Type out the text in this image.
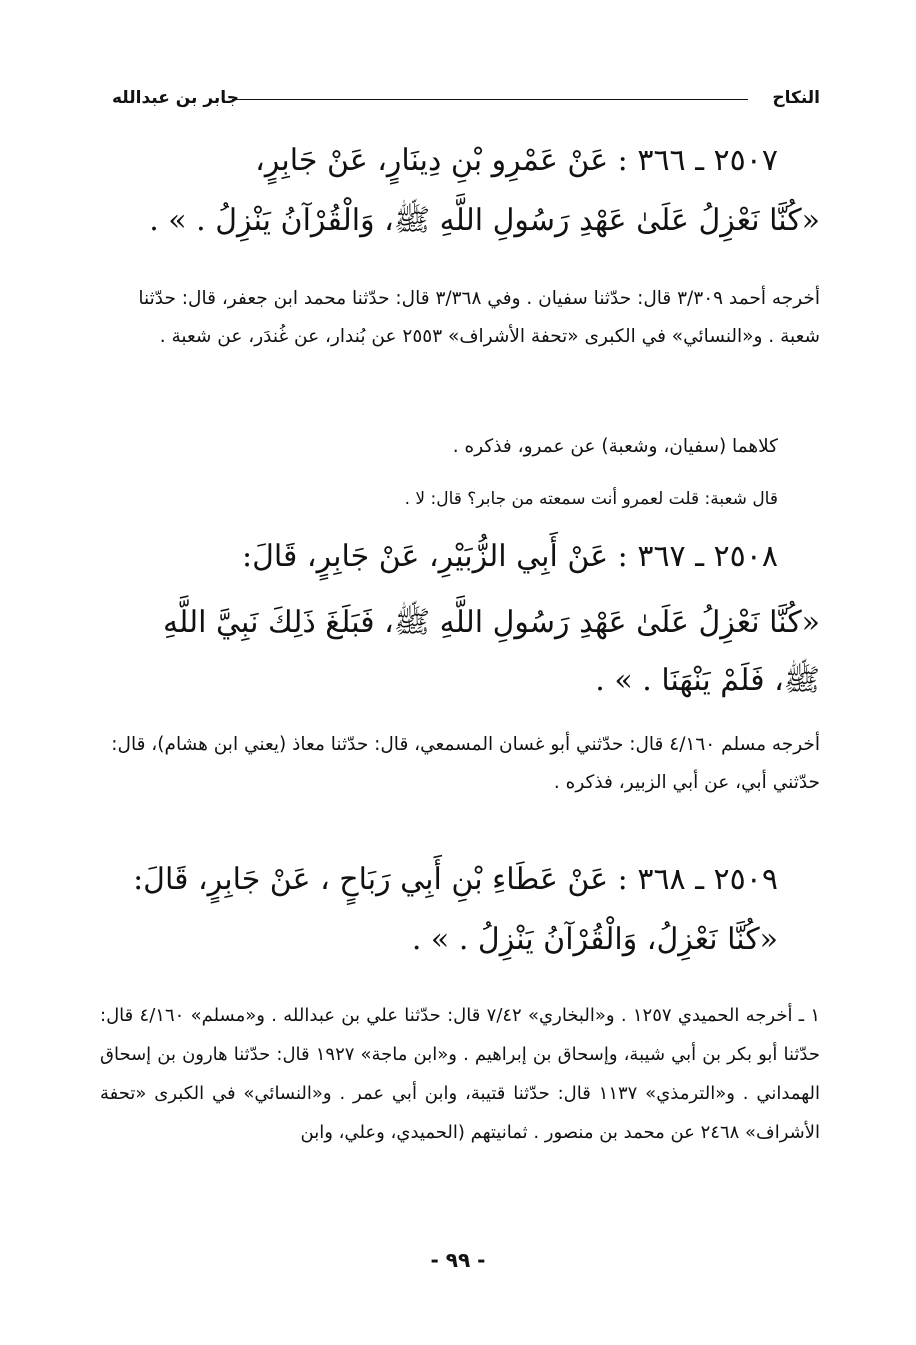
النكاح
جابر بن عبدالله
٢٥٠٧ ـ ٣٦٦ : عَنْ عَمْرِو بْنِ دِينَارٍ، عَنْ جَابِرٍ،
«كُنَّا نَعْزِلُ عَلَىٰ عَهْدِ رَسُولِ اللَّهِ ﷺ، وَالْقُرْآنُ يَنْزِلُ . » .
أخرجه أحمد ٣/٣٠٩ قال: حدّثنا سفيان . وفي ٣/٣٦٨ قال: حدّثنا محمد ابن جعفر، قال: حدّثنا شعبة . و«النسائي» في الكبرى «تحفة الأشراف» ٢٥٥٣ عن بُندار، عن غُندَر، عن شعبة .
كلاهما (سفيان، وشعبة) عن عمرو، فذكره .
قال شعبة: قلت لعمرو أنت سمعته من جابر؟ قال: لا .
٢٥٠٨ ـ ٣٦٧ : عَنْ أَبِي الزُّبَيْرِ، عَنْ جَابِرٍ، قَالَ:
«كُنَّا نَعْزِلُ عَلَىٰ عَهْدِ رَسُولِ اللَّهِ ﷺ، فَبَلَغَ ذَلِكَ نَبِيَّ اللَّهِ
ﷺ، فَلَمْ يَنْهَنَا . » .
أخرجه مسلم ٤/١٦٠ قال: حدّثني أبو غسان المسمعي، قال: حدّثنا معاذ (يعني ابن هشام)، قال: حدّثني أبي، عن أبي الزبير، فذكره .
٢٥٠٩ ـ ٣٦٨ : عَنْ عَطَاءِ بْنِ أَبِي رَبَاحٍ ، عَنْ جَابِرٍ، قَالَ:
«كُنَّا نَعْزِلُ، وَالْقُرْآنُ يَنْزِلُ . » .
١ ـ أخرجه الحميدي ١٢٥٧ . و«البخاري» ٧/٤٢ قال: حدّثنا علي بن عبدالله . و«مسلم» ٤/١٦٠ قال: حدّثنا أبو بكر بن أبي شيبة، وإسحاق بن إبراهيم . و«ابن ماجة» ١٩٢٧ قال: حدّثنا هارون بن إسحاق الهمداني . و«الترمذي» ١١٣٧ قال: حدّثنا قتيبة، وابن أبي عمر . و«النسائي» في الكبرى «تحفة الأشراف» ٢٤٦٨ عن محمد بن منصور . ثمانيتهم (الحميدي، وعلي، وابن
- ٩٩ -
